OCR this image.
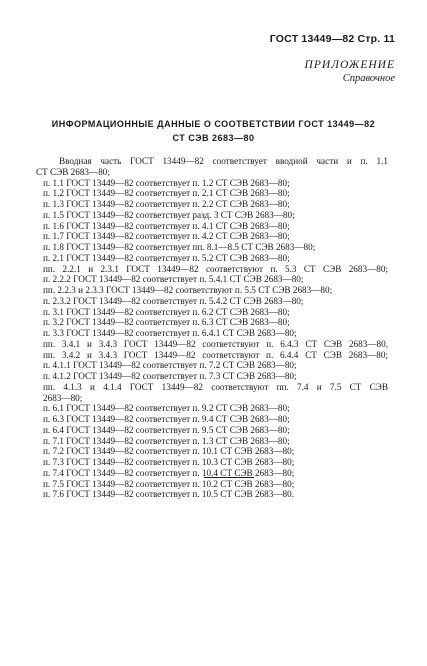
ГОСТ 13449—82 Стр. 11
ПРИЛОЖЕНИЕ
Справочное
ИНФОРМАЦИОННЫЕ ДАННЫЕ О СООТВЕТСТВИИ ГОСТ 13449—82
СТ СЭВ 2683—80
Вводная часть ГОСТ 13449—82 соответствует вводной части и п. 1.1
СТ СЭВ 2683—80;
п. 1.1 ГОСТ 13449—82 соответствует п. 1.2 СТ СЭВ 2683—80;
п. 1.2 ГОСТ 13449—82 соответствует п. 2.1 СТ СЭВ 2683—80;
п. 1.3 ГОСТ 13449—82 соответствует п. 2.2 СТ СЭВ 2683—80;
п. 1.5 ГОСТ 13449—82 соответствует разд. 3 СТ СЭВ 2683—80;
п. 1.6 ГОСТ 13449—82 соответствует п. 4.1 СТ СЭВ 2683—80;
п. 1.7 ГОСТ 13449—82 соответствует п. 4.2 СТ СЭВ 2683—80;
п. 1.8 ГОСТ 13449—82 соответствует пп. 8.1—8.5 СТ СЭВ 2683—80;
п. 2.1 ГОСТ 13449—82 соответствует п. 5.2 СТ СЭВ 2683—80;
пп. 2.2.1 и 2.3.1 ГОСТ 13449—82 соответствуют п. 5.3 СТ СЭВ 2683—80;
п. 2.2.2 ГОСТ 13449—82 соответствует п. 5.4.1 СТ СЭВ 2683—80;
пп. 2.2.3 и 2.3.3 ГОСТ 13449—82 соответствуют п. 5.5 СТ СЭВ 2683—80;
п. 2.3.2 ГОСТ 13449—82 соответствует п. 5.4.2 СТ СЭВ 2683—80;
п. 3.1 ГОСТ 13449—82 соответствует п. 6.2 СТ СЭВ 2683—80;
п. 3.2 ГОСТ 13449—82 соответствует п. 6.3 СТ СЭВ 2683—80;
п. 3.3 ГОСТ 13449—82 соответствует п. 6.4.1 СТ СЭВ 2683—80;
пп. 3.4.1 и 3.4.3 ГОСТ 13449—82 соответствуют п. 6.4.3 СТ СЭВ 2683—80,
пп. 3.4.2 и 3.4.3 ГОСТ 13449—82 соответствуют п. 6.4.4 СТ СЭВ 2683—80;
п. 4.1.1 ГОСТ 13449—82 соответствует п. 7.2 СТ СЭВ 2683—80;
п. 4.1.2 ГОСТ 13449—82 соответствует п. 7.3 СТ СЭВ 2683—80;
пп. 4.1.3 и 4.1.4 ГОСТ 13449—82 соответствуют пп. 7.4 и 7.5 СТ СЭВ
2683—80;
п. 6.1 ГОСТ 13449—82 соответствует п. 9.2 СТ СЭВ 2683—80;
п. 6.3 ГОСТ 13449—82 соответствует п. 9.4 СТ СЭВ 2683—80;
п. 6.4 ГОСТ 13449—82 соответствует п. 9.5 СТ СЭВ 2683—80;
п. 7.1 ГОСТ 13449—82 соответствует п. 1.3 СТ СЭВ 2683—80;
п. 7.2 ГОСТ 13449—82 соответствует п. 10.1 СТ СЭВ 2683—80;
п. 7.3 ГОСТ 13449—82 соответствует п. 10.3 СТ СЭВ 2683—80;
п. 7.4 ГОСТ 13449—82 соответствует п. 10.4 СТ СЭВ 2683—80;
п. 7.5 ГОСТ 13449—82 соответствует п. 10.2 СТ СЭВ 2683—80;
п. 7.6 ГОСТ 13449—82 соответствует п. 10.5 СТ СЭВ 2683—80.
